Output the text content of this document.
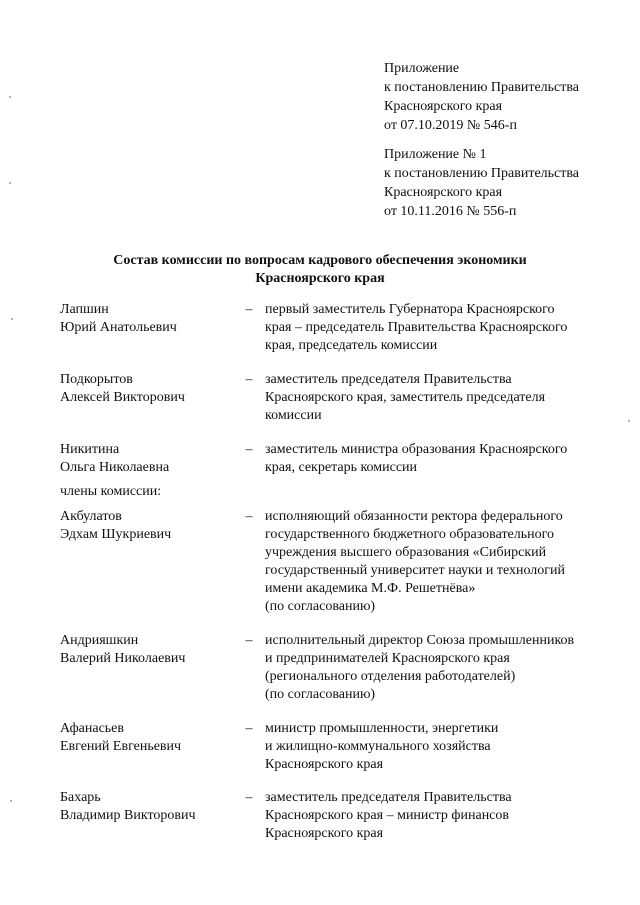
Приложение
к постановлению Правительства
Красноярского края
от 07.10.2019 № 546-п
Приложение № 1
к постановлению Правительства
Красноярского края
от 10.11.2016 № 556-п
Состав комиссии по вопросам кадрового обеспечения экономики
Красноярского края
Лапшин
Юрий Анатольевич
– первый заместитель Губернатора Красноярского
края – председатель Правительства Красноярского
края, председатель комиссии
Подкорытов
Алексей Викторович
– заместитель председателя Правительства
Красноярского края, заместитель председателя
комиссии
Никитина
Ольга Николаевна
– заместитель министра образования Красноярского
края, секретарь комиссии
члены комиссии:
Акбулатов
Эдхам Шукриевич
– исполняющий обязанности ректора федерального
государственного бюджетного образовательного
учреждения высшего образования «Сибирский
государственный университет науки и технологий
имени академика М.Ф. Решетнёва»
(по согласованию)
Андрияшкин
Валерий Николаевич
– исполнительный директор Союза промышленников
и предпринимателей Красноярского края
(регионального отделения работодателей)
(по согласованию)
Афанасьев
Евгений Евгеньевич
– министр промышленности, энергетики
и жилищно-коммунального хозяйства
Красноярского края
Бахарь
Владимир Викторович
– заместитель председателя Правительства
Красноярского края – министр финансов
Красноярского края
